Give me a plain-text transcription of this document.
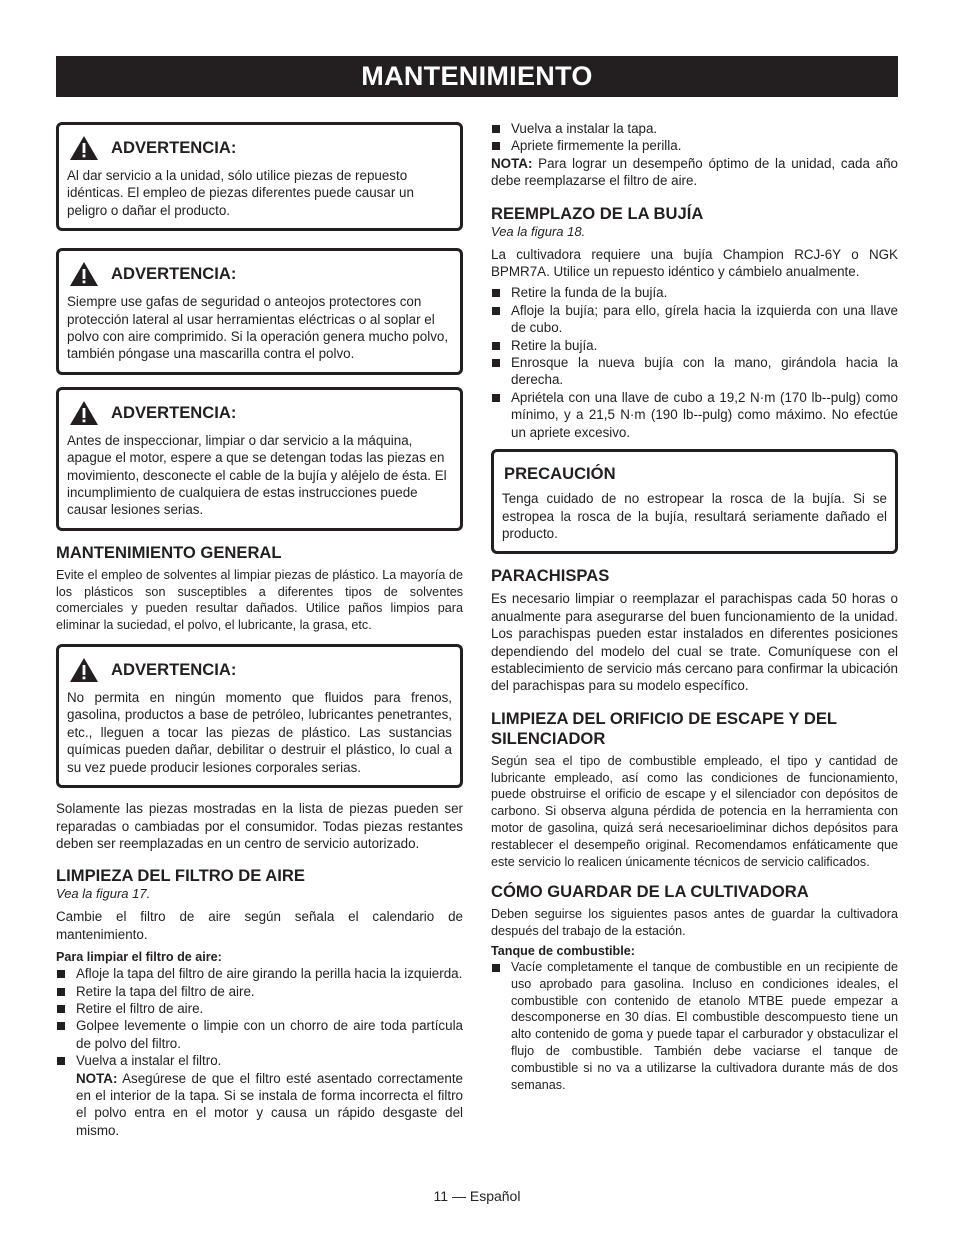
MANTENIMIENTO
ADVERTENCIA:

Al dar servicio a la unidad, sólo utilice piezas de repuesto idénticas. El empleo de piezas diferentes puede causar un peligro o dañar el producto.

ADVERTENCIA:

Siempre use gafas de seguridad o anteojos protectores con protección lateral al usar herramientas eléctricas o al soplar el polvo con aire comprimido. Si la operación genera mucho polvo, también póngase una mascarilla contra el polvo.

ADVERTENCIA:

Antes de inspeccionar, limpiar o dar servicio a la máquina, apague el motor, espere a que se detengan todas las piezas en movimiento, desconecte el cable de la bujía y aléjelo de ésta. El incumplimiento de cualquiera de estas instrucciones puede causar lesiones serias.

MANTENIMIENTO GENERAL

Evite el empleo de solventes al limpiar piezas de plástico. La mayoría de los plásticos son susceptibles a diferentes tipos de solventes comerciales y pueden resultar dañados. Utilice paños limpios para eliminar la suciedad, el polvo, el lubricante, la grasa, etc.

ADVERTENCIA:

No permita en ningún momento que fluidos para frenos, gasolina, productos a base de petróleo, lubricantes penetrantes, etc., lleguen a tocar las piezas de plástico. Las sustancias químicas pueden dañar, debilitar o destruir el plástico, lo cual a su vez puede producir lesiones corporales serias.

Solamente las piezas mostradas en la lista de piezas pueden ser reparadas o cambiadas por el consumidor. Todas piezas restantes deben ser reemplazadas en un centro de servicio autorizado.

LIMPIEZA DEL FILTRO DE AIRE

Vea la figura 17.

Cambie el filtro de aire según señala el calendario de mantenimiento.

Para limpiar el filtro de aire:

Afloje la tapa del filtro de aire girando la perilla hacia la izquierda.
Retire la tapa del filtro de aire.
Retire el filtro de aire.
Golpee levemente o limpie con un chorro de aire toda partícula de polvo del filtro.
Vuelva a instalar el filtro.

NOTA: Asegúrese de que el filtro esté asentado correctamente en el interior de la tapa. Si se instala de forma incorrecta el filtro el polvo entra en el motor y causa un rápido desgaste del mismo.

Vuelva a instalar la tapa.
Apriete firmemente la perilla.

NOTA: Para lograr un desempeño óptimo de la unidad, cada año debe reemplazarse el filtro de aire.

REEMPLAZO DE LA BUJÍA

Vea la figura 18.

La cultivadora requiere una bujía Champion RCJ-6Y o NGK BPMR7A. Utilice un repuesto idéntico y cámbielo anualmente.

Retire la funda de la bujía.
Afloje la bujía; para ello, gírela hacia la izquierda con una llave de cubo.
Retire la bujía.
Enrosque la nueva bujía con la mano, girándola hacia la derecha.
Apriétela con una llave de cubo a 19,2 N·m (170 lb--pulg) como mínimo, y a 21,5 N·m (190 lb--pulg) como máximo. No efectúe un apriete excesivo.
PRECAUCIÓN

Tenga cuidado de no estropear la rosca de la bujía. Si se estropea la rosca de la bujía, resultará seriamente dañado el producto.

PARACHISPAS

Es necesario limpiar o reemplazar el parachispas cada 50 horas o anualmente para asegurarse del buen funcionamiento de la unidad. Los parachispas pueden estar instalados en diferentes posiciones dependiendo del modelo del cual se trate. Comuníquese con el establecimiento de servicio más cercano para confirmar la ubicación del parachispas para su modelo específico.

LIMPIEZA DEL ORIFICIO DE ESCAPE Y DEL SILENCIADOR

Según sea el tipo de combustible empleado, el tipo y cantidad de lubricante empleado, así como las condiciones de funcionamiento, puede obstruirse el orificio de escape y el silenciador con depósitos de carbono. Si observa alguna pérdida de potencia en la herramienta con motor de gasolina, quizá será necesarioeliminar dichos depósitos para restablecer el desempeño original. Recomendamos enfáticamente que este servicio lo realicen únicamente técnicos de servicio calificados.

CÓMO GUARDAR DE LA CULTIVADORA

Deben seguirse los siguientes pasos antes de guardar la cultivadora después del trabajo de la estación.

Tanque de combustible:

Vacíe completamente el tanque de combustible en un recipiente de uso aprobado para gasolina. Incluso en condiciones ideales, el combustible con contenido de etanolo MTBE puede empezar a descomponerse en 30 días. El combustible descompuesto tiene un alto contenido de goma y puede tapar el carburador y obstaculizar el flujo de combustible. También debe vaciarse el tanque de combustible si no va a utilizarse la cultivadora durante más de dos semanas.
11 — Español
